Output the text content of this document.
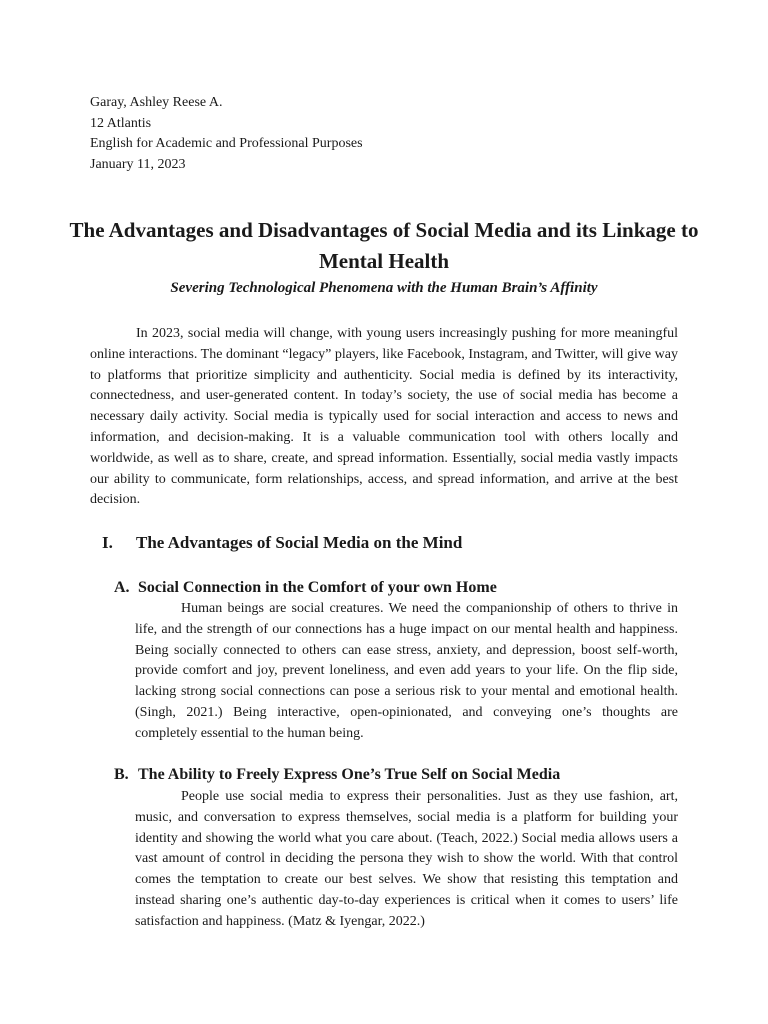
Garay, Ashley Reese A.
12 Atlantis
English for Academic and Professional Purposes
January 11, 2023
The Advantages and Disadvantages of Social Media and its Linkage to Mental Health
Severing Technological Phenomena with the Human Brain’s Affinity

In 2023, social media will change, with young users increasingly pushing for more meaningful online interactions. The dominant “legacy” players, like Facebook, Instagram, and Twitter, will give way to platforms that prioritize simplicity and authenticity. Social media is defined by its interactivity, connectedness, and user-generated content. In today’s society, the use of social media has become a necessary daily activity. Social media is typically used for social interaction and access to news and information, and decision-making. It is a valuable communication tool with others locally and worldwide, as well as to share, create, and spread information. Essentially, social media vastly impacts our ability to communicate, form relationships, access, and spread information, and arrive at the best decision.

I. The Advantages of Social Media on the Mind
A. Social Connection in the Comfort of your own Home

Human beings are social creatures. We need the companionship of others to thrive in life, and the strength of our connections has a huge impact on our mental health and happiness. Being socially connected to others can ease stress, anxiety, and depression, boost self-worth, provide comfort and joy, prevent loneliness, and even add years to your life. On the flip side, lacking strong social connections can pose a serious risk to your mental and emotional health. (Singh, 2021.) Being interactive, open-opinionated, and conveying one’s thoughts are completely essential to the human being.

B. The Ability to Freely Express One’s True Self on Social Media

People use social media to express their personalities. Just as they use fashion, art, music, and conversation to express themselves, social media is a platform for building your identity and showing the world what you care about. (Teach, 2022.) Social media allows users a vast amount of control in deciding the persona they wish to show the world. With that control comes the temptation to create our best selves. We show that resisting this temptation and instead sharing one’s authentic day-to-day experiences is critical when it comes to users’ life satisfaction and happiness. (Matz & Iyengar, 2022.)
